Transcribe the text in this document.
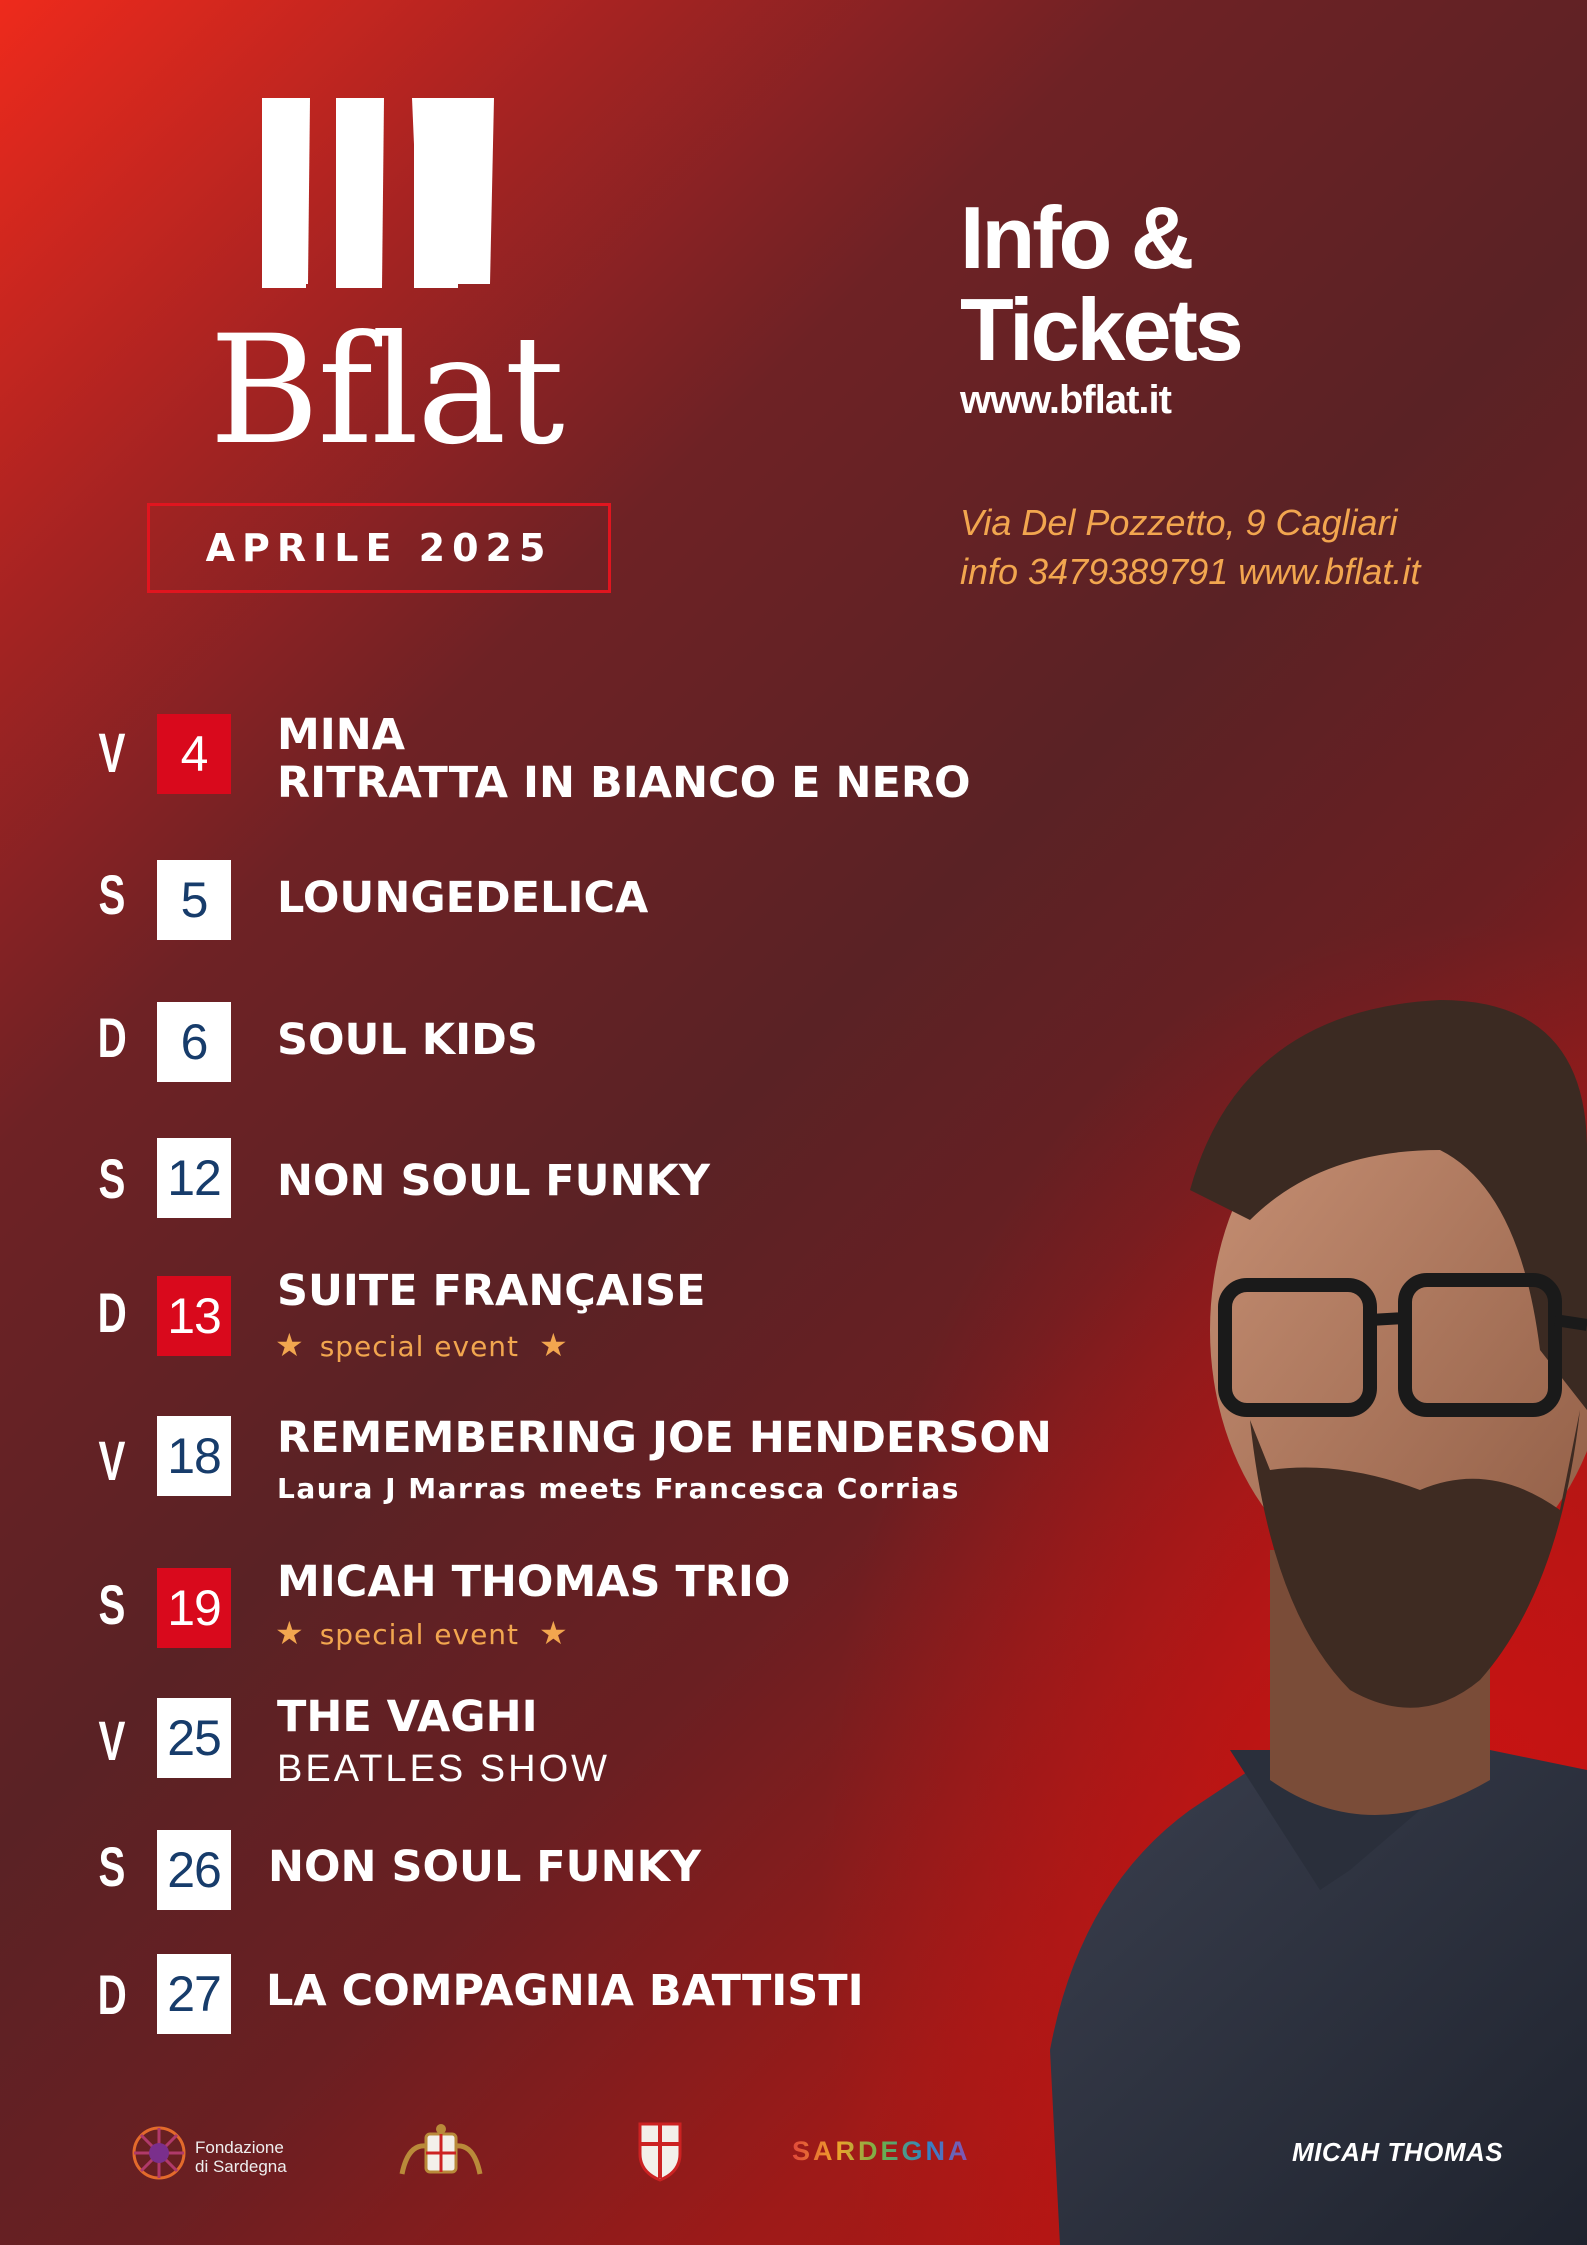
Bflat
APRILE 2025
Info &
Tickets
www.bflat.it
Via Del Pozzetto, 9 Cagliari
info 3479389791 www.bflat.it
V	4	MINA
RITRATTA IN BIANCO E NERO
S	5	LOUNGEDELICA
D	6	SOUL KIDS
S 12 NON SOUL FUNKY
D 13 SUITE FRANÇAISE
★ special event ★
V 18 REMEMBERING JOE HENDERSON
Laura J Marras meets Francesca Corrias
S 19 MICAH THOMAS TRIO
★ special event ★
V 25 THE VAGHI
BEATLES SHOW
S 26 NON SOUL FUNKY
D 27 LA COMPAGNIA BATTISTI
Fondazione
di Sardegna
SARDEGNA	MICAH THOMAS
